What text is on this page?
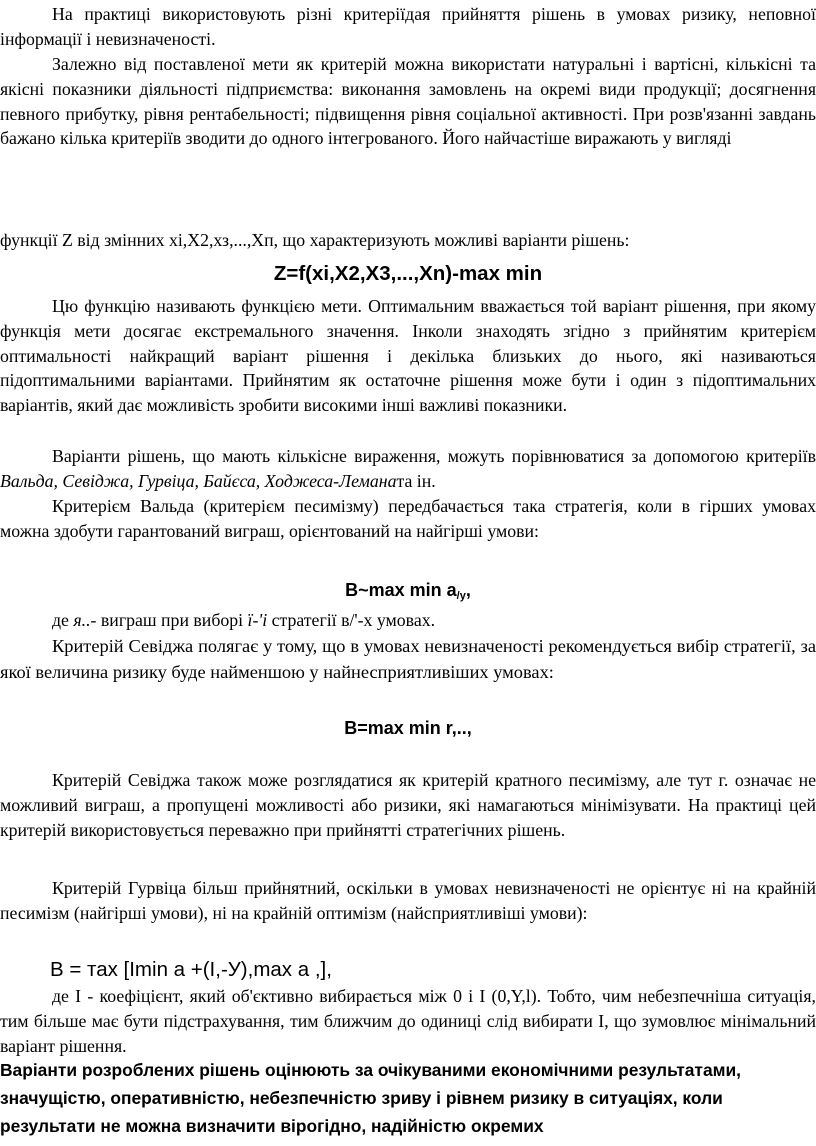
На практиці використовують різні критеріїдая прийняття рішень в умовах ризику, неповної інформації і невизначеності.

Залежно від поставленої мети як критерій можна використати натуральні і вартісні, кількісні та якісні показники діяльності підприємства: виконання замовлень на окремі види продукції; досягнення певного прибутку, рівня рентабельності; підвищення рівня соціальної активності. При розв'язанні завдань бажано кілька критеріїв зводити до одного інтегрованого. Його найчастіше виражають у вигляді

функції Z від змінних хі,Х2,хз,...,Хп, що характеризують можливі варіанти рішень:

Z=f(xi,X2,X3,...,Xn)-max min

Цю функцію називають функцією мети. Оптимальним вважається той варіант рішення, при якому функція мети досягає екстремального значення. Інколи знаходять згідно з прийнятим критерієм оптимальності найкращий варіант рішення і декілька близьких до нього, які називаються підоптимальними варіантами. Прийнятим як остаточне рішення може бути і один з підоптимальних варіантів, який дає можливість зробити високими інші важливі показники.

Варіанти рішень, що мають кількісне вираження, можуть порівнюватися за допомогою критеріїв Вальда, Севіджа, Гурвіца, Байєса, Ходжеса-Леманата ін.

Критерієм Вальда (критерієм песимізму) передбачається така стратегія, коли в гірших умовах можна здобути гарантований виграш, орієнтований на найгірші умови:

B~max $\min a_{/y}$,

де я..- виграш при виборі ї-'і стратегії в/'-х умовах.

Критерій Севіджа полягає у тому, що в умовах невизначеності рекомендується вибір стратегії, за якої величина ризику буде найменшою у найнесприятливіших умовах:

B=max min r,..,

Критерій Севіджа також може розглядатися як критерій кратного песимізму, але тут г. означає не можливий виграш, а пропущені можливості або ризики, які намагаються мінімізувати. На практиці цей критерій використовується переважно при прийнятті стратегічних рішень.

Критерій Гурвіца більш прийнятний, оскільки в умовах невизначеності не орієнтує ні на крайній песимізм (найгірші умови), ні на крайній оптимізм (найсприятливіші умови):

В = тах [Imin a +(I,-У),max a ,],

де І - коефіцієнт, який об'єктивно вибирається між 0 і І (0,Y,l). Тобто, чим небезпечніша ситуація, тим більше має бути підстрахування, тим ближчим до одиниці слід вибирати І, що зумовлює мінімальний варіант рішення.

Варіанти розроблених рішень оцінюють за очікуваними економічними результатами, значущістю, оперативністю, небезпечністю зриву і рівнем ризику в ситуаціях, коли результати не можна визначити вірогідно, надійністю окремих
